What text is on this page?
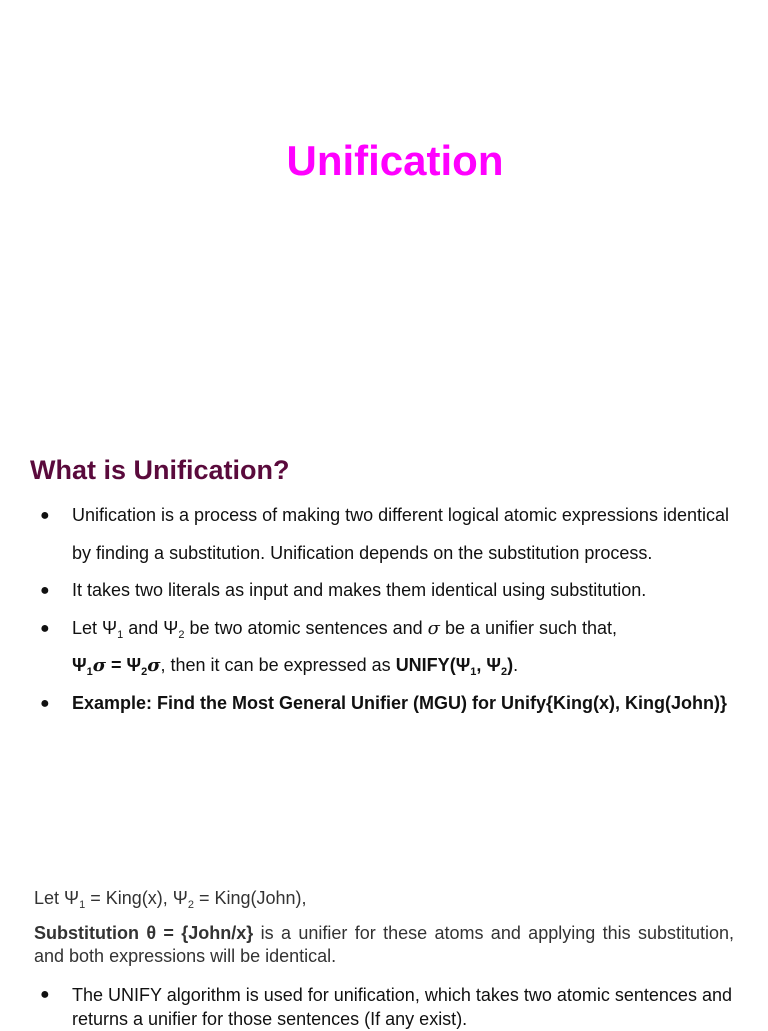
Unification
What is Unification?
● Unification is a process of making two different logical atomic expressions identical by finding a substitution. Unification depends on the substitution process.
● It takes two literals as input and makes them identical using substitution.
● Let $\Psi_1$ and $\Psi_2$ be two atomic sentences and σ be a unifier such that,
$\Psi_1\sigma = \Psi_2\sigma$, then it can be expressed as $UNIFY(\Psi_1$, $\Psi_2$).
● Example: Find the Most General Unifier (MGU) for Unify{King(x), King(John)}
Let $\Psi_1$ = King(x), $\Psi_2$ = King(John),
Substitution θ = {John/x} is a unifier for these atoms and applying this substitution, and both expressions will be identical.
● The UNIFY algorithm is used for unification, which takes two atomic sentences and returns a unifier for those sentences (If any exist).
